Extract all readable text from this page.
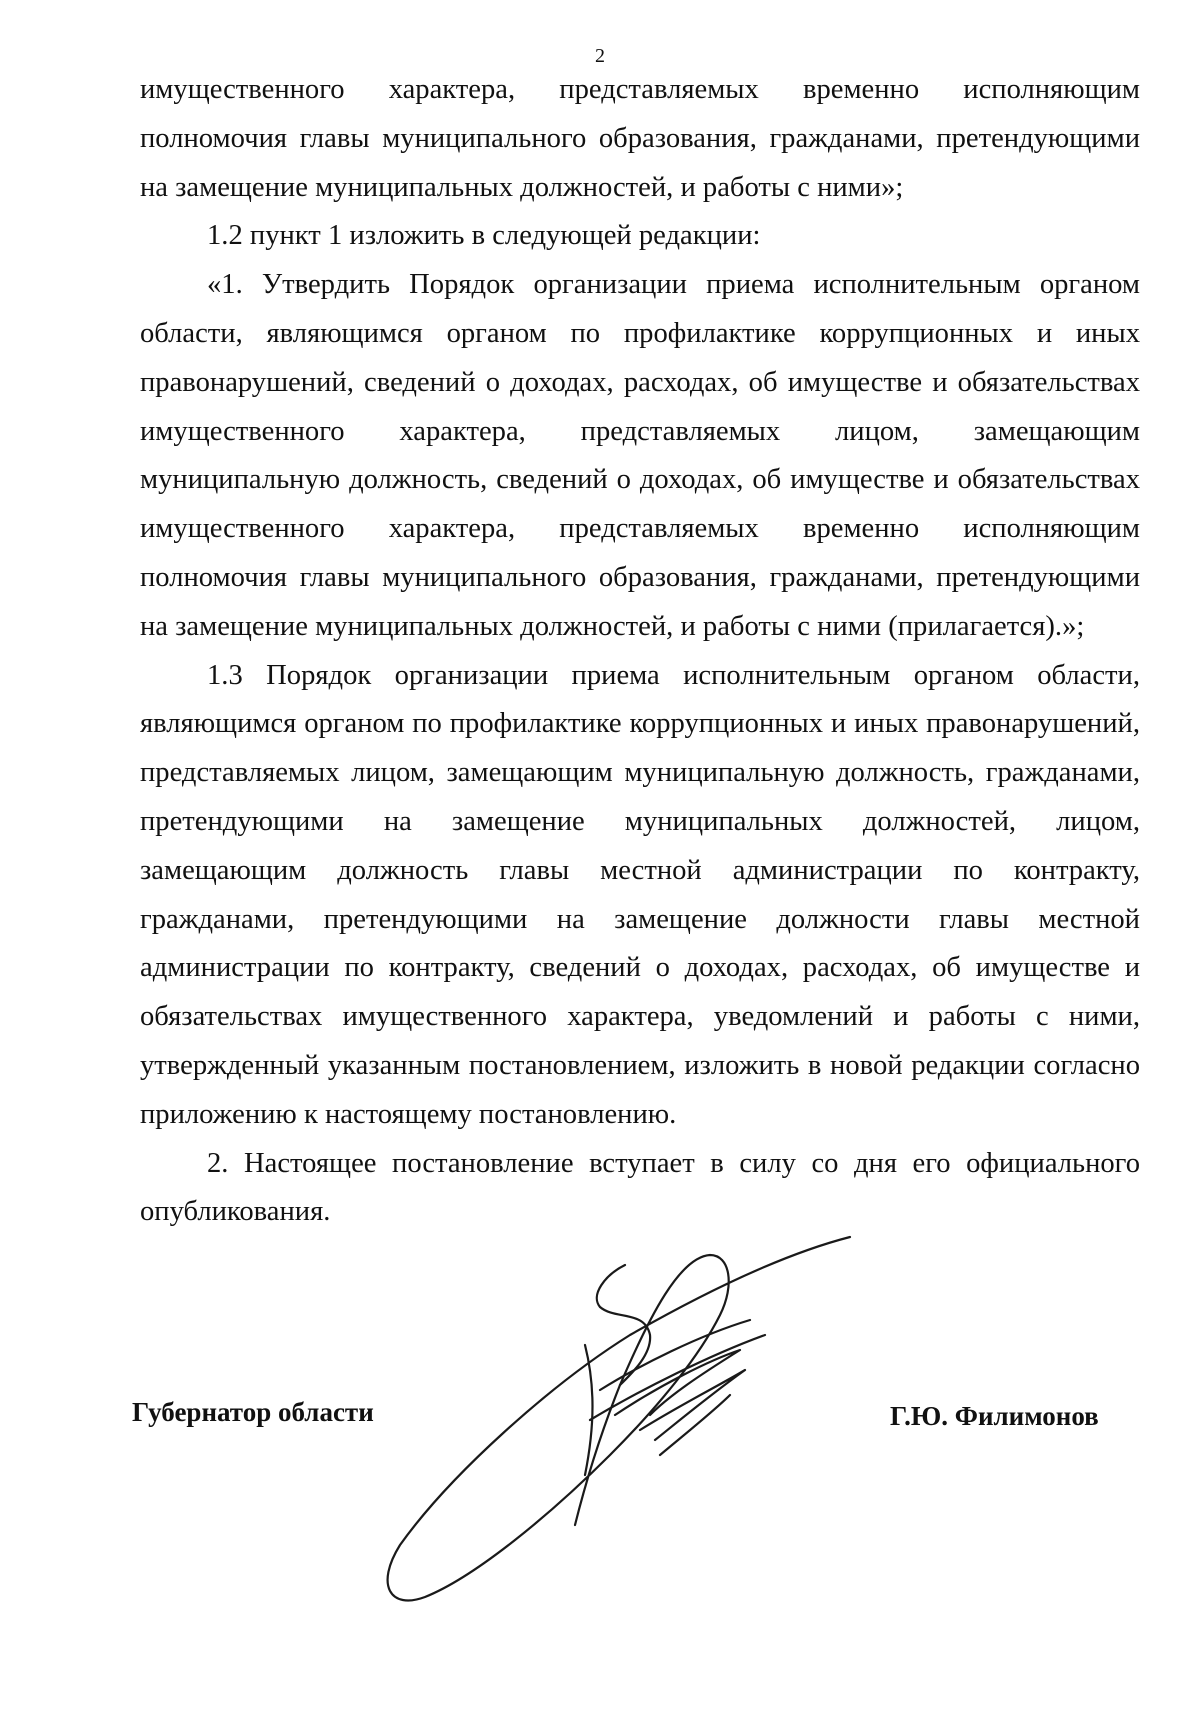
2

имущественного характера, представляемых временно исполняющим полномочия главы муниципального образования, гражданами, претендующими на замещение муниципальных должностей, и работы с ними»;

1.2 пункт 1 изложить в следующей редакции:

«1. Утвердить Порядок организации приема исполнительным органом области, являющимся органом по профилактике коррупционных и иных правонарушений, сведений о доходах, расходах, об имуществе и обязательствах имущественного характера, представляемых лицом, замещающим муниципальную должность, сведений о доходах, об имуществе и обязательствах имущественного характера, представляемых временно исполняющим полномочия главы муниципального образования, гражданами, претендующими на замещение муниципальных должностей, и работы с ними (прилагается).»;

1.3 Порядок организации приема исполнительным органом области, являющимся органом по профилактике коррупционных и иных правонарушений, представляемых лицом, замещающим муниципальную должность, гражданами, претендующими на замещение муниципальных должностей, лицом, замещающим должность главы местной администрации по контракту, гражданами, претендующими на замещение должности главы местной администрации по контракту, сведений о доходах, расходах, об имуществе и обязательствах имущественного характера, уведомлений и работы с ними, утвержденный указанным постановлением, изложить в новой редакции согласно приложению к настоящему постановлению.

2. Настоящее постановление вступает в силу со дня его официального опубликования.

Губернатор области	Г.Ю. Филимонов
